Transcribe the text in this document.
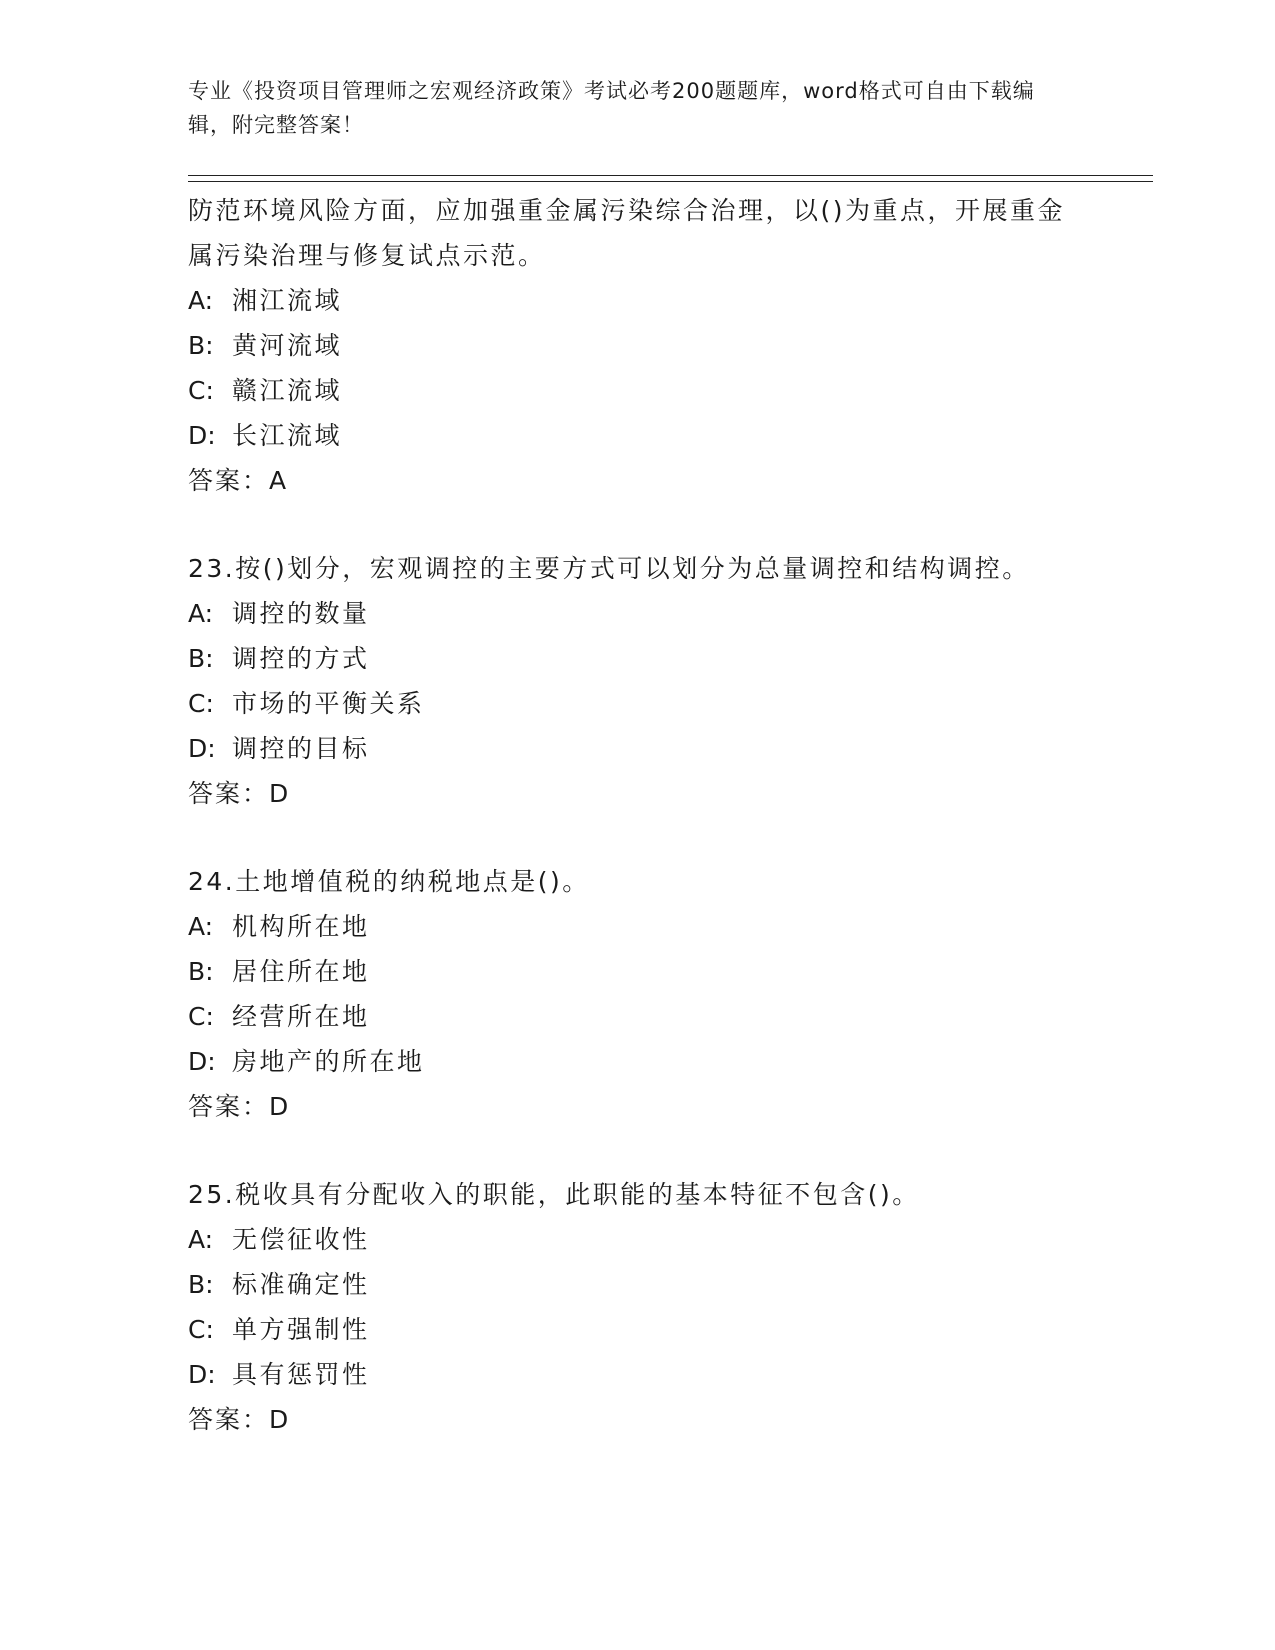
专业《投资项目管理师之宏观经济政策》考试必考200题题库，word格式可自由下载编辑，附完整答案！

防范环境风险方面，应加强重金属污染综合治理，以()为重点，开展重金属污染治理与修复试点示范。

A: 湘江流域

B: 黄河流域

C: 赣江流域

D: 长江流域

答案：A

23.按()划分，宏观调控的主要方式可以划分为总量调控和结构调控。

A: 调控的数量

B: 调控的方式

C: 市场的平衡关系

D: 调控的目标

答案：D

24.土地增值税的纳税地点是()。

A: 机构所在地

B: 居住所在地

C: 经营所在地

D: 房地产的所在地

答案：D

25.税收具有分配收入的职能，此职能的基本特征不包含()。

A: 无偿征收性

B: 标准确定性

C: 单方强制性

D: 具有惩罚性

答案：D
